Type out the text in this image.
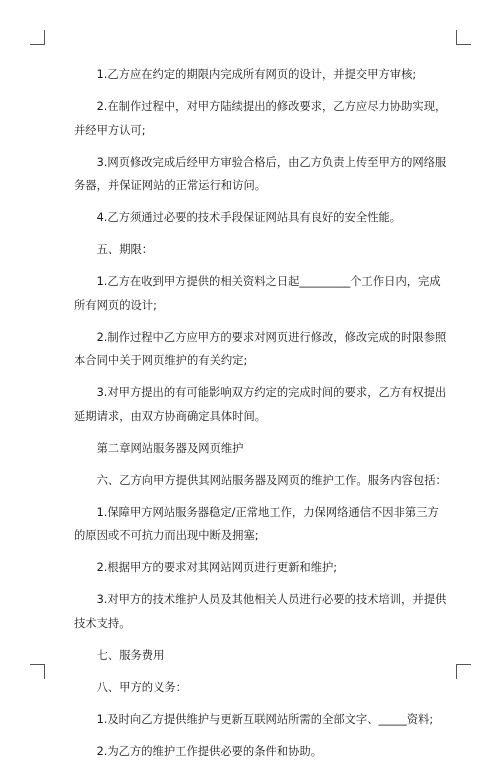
1.乙方应在约定的期限内完成所有网页的设计，并提交甲方审核;

2.在制作过程中，对甲方陆续提出的修改要求，乙方应尽力协助实现，并经甲方认可;

3.网页修改完成后经甲方审验合格后，由乙方负责上传至甲方的网络服务器，并保证网站的正常运行和访问。

4.乙方须通过必要的技术手段保证网站具有良好的安全性能。

五、期限：

1.乙方在收到甲方提供的相关资料之日起_________个工作日内，完成所有网页的设计;

2.制作过程中乙方应甲方的要求对网页进行修改，修改完成的时限参照本合同中关于网页维护的有关约定;

3.对甲方提出的有可能影响双方约定的完成时间的要求，乙方有权提出延期请求，由双方协商确定具体时间。

第二章网站服务器及网页维护

六、乙方向甲方提供其网站服务器及网页的维护工作。服务内容包括：

1.保障甲方网站服务器稳定/正常地工作，力保网络通信不因非第三方的原因或不可抗力而出现中断及拥塞;

2.根据甲方的要求对其网站网页进行更新和维护;

3.对甲方的技术维护人员及其他相关人员进行必要的技术培训，并提供技术支持。

七、服务费用

八、甲方的义务：

1.及时向乙方提供维护与更新互联网站所需的全部文字、_____资料;

2.为乙方的维护工作提供必要的条件和协助。
